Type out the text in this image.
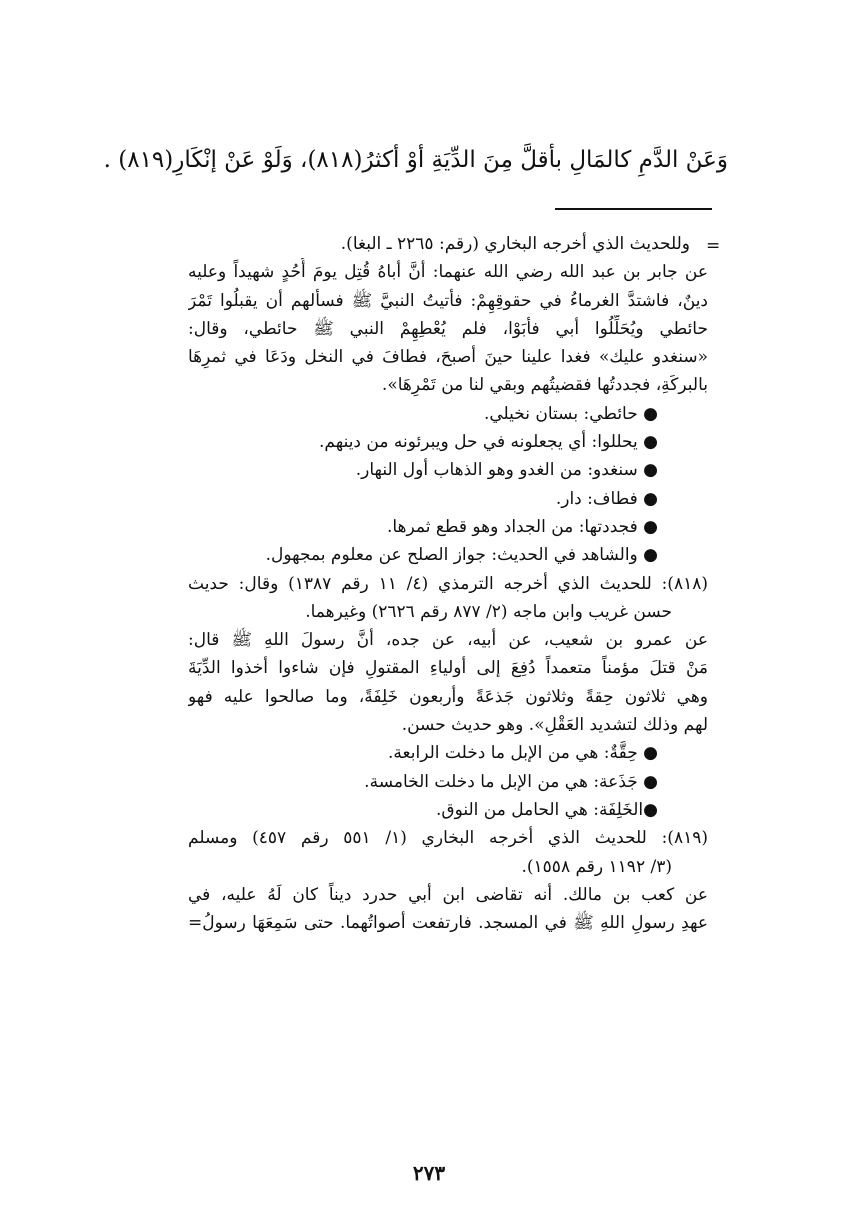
وَعَنْ الدَّمِ كالمَالِ بأقلَّ مِنَ الدِّيَةِ أوْ أكثرُ(٨١٨)، وَلَوْ عَنْ إنْكَارِ(٨١٩) .
=
وللحديث الذي أخرجه البخاري (رقم: ٢٢٦٥ ـ البغا).
عن جابر بن عبد الله رضي الله عنهما: أنَّ أباهُ قُتِل يومَ أُحُدٍ شهيداً وعليه
دينٌ، فاشتدَّ الغرماءُ في حقوقِهِمْ: فأتيتُ النبيَّ ﷺ فسألهم أن يقبلُوا تَمْرَ
حائطي ويُحَلِّلُوا أبي فأبَوْا، فلم يُعْطِهِمْ النبي ﷺ حائطي، وقال:
«سنغدو عليك» فغدا علينا حينَ أصبحَ، فطافَ في النخل ودَعَا في ثمرِهَا
بالبركَةِ، فجددتُها فقضيتُهم وبقي لنا من تَمْرِهَا».
● حائطي: بستان نخيلي.
● يحللوا: أي يجعلونه في حل ويبرئونه من دينهم.
● سنغدو: من الغدو وهو الذهاب أول النهار.
● فطاف: دار.
● فجددتها: من الجداد وهو قطع ثمرها.
● والشاهد في الحديث: جواز الصلح عن معلوم بمجهول.
(٨١٨): للحديث الذي أخرجه الترمذي (٤/ ١١ رقم ١٣٨٧) وقال: حديث
حسن غريب وابن ماجه (٢/ ٨٧٧ رقم ٢٦٢٦) وغيرهما.
عن عمرو بن شعيب، عن أبيه، عن جده، أنَّ رسولَ اللهِ ﷺ قال:
مَنْ قتلَ مؤمناً متعمداً دُفِعَ إلى أولياءِ المقتولِ فإن شاءوا أخذوا الدِّيَةَ
وهي ثلاثون حِقةً وثلاثون جَذعَةً وأربعون خَلِفَةً، وما صالحوا عليه فهو
لهم وذلك لتشديد العَقْلِ». وهو حديث حسن.
● حِقَّةٌ: هي من الإبل ما دخلت الرابعة.
● جَذَعة: هي من الإبل ما دخلت الخامسة.
●الخَلِفَة: هي الحامل من النوق.
(٨١٩): للحديث الذي أخرجه البخاري (١/ ٥٥١ رقم ٤٥٧) ومسلم
(٣/ ١١٩٢ رقم ١٥٥٨).
عن كعب بن مالك. أنه تقاضى ابن أبي حدرد ديناً كان لَهُ عليه، في
عهدِ رسولِ اللهِ ﷺ في المسجد. فارتفعت أصواتُهما. حتى سَمِعَهَا رسولُ=
٢٧٣
